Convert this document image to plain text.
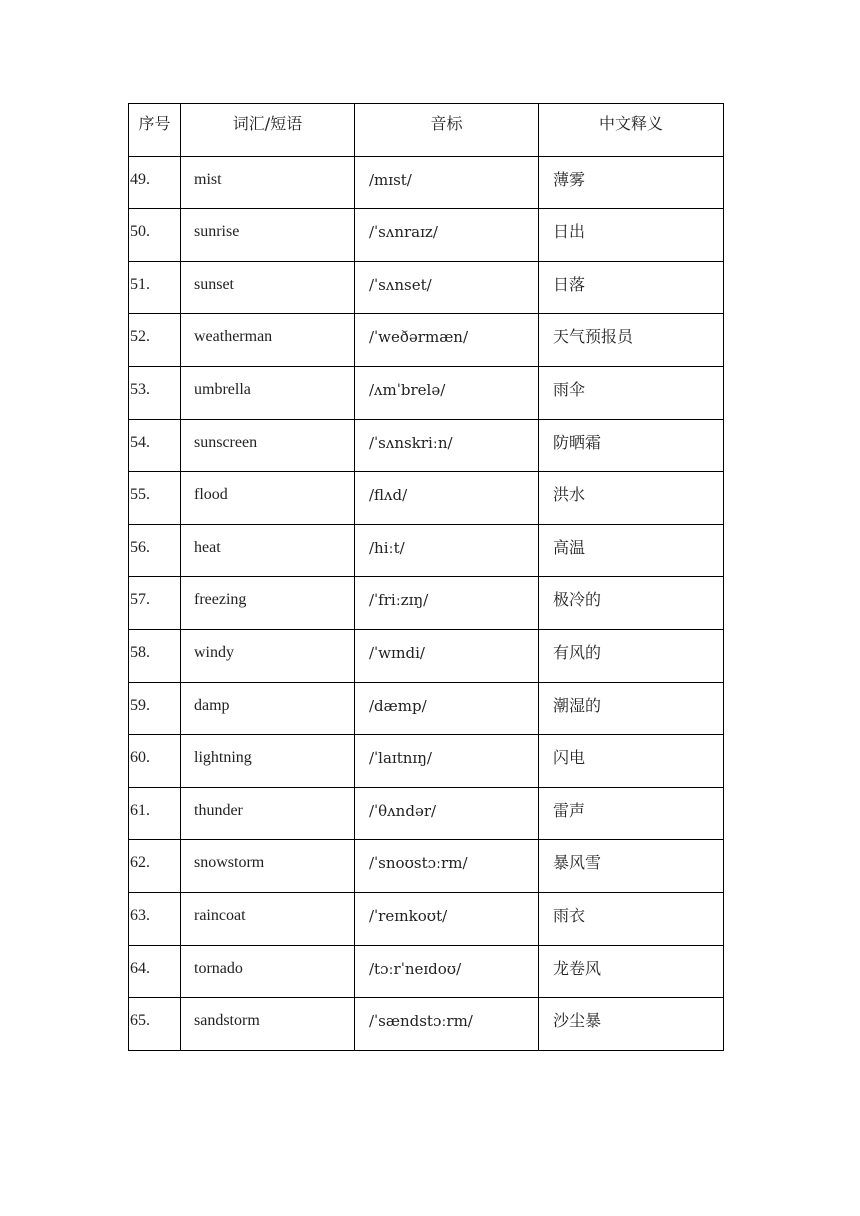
序号	词汇/短语	音标	中文释义
49.	mist	/mɪst/	薄雾
50.	sunrise	/ˈsʌnraɪz/	日出
51.	sunset	/ˈsʌnset/	日落
52.	weatherman	/ˈweðərmæn/	天气预报员
53.	umbrella	/ʌmˈbrelə/	雨伞
54.	sunscreen	/ˈsʌnskriːn/	防晒霜
55.	flood	/flʌd/	洪水
56.	heat	/hiːt/	高温
57.	freezing	/ˈfriːzɪŋ/	极冷的
58.	windy	/ˈwɪndi/	有风的
59.	damp	/dæmp/	潮湿的
60.	lightning	/ˈlaɪtnɪŋ/	闪电
61.	thunder	/ˈθʌndər/	雷声
62.	snowstorm	/ˈsnoʊstɔːrm/	暴风雪
63.	raincoat	/ˈreɪnkoʊt/	雨衣
64.	tornado	/tɔːrˈneɪdoʊ/	龙卷风
65.	sandstorm	/ˈsændstɔːrm/	沙尘暴
